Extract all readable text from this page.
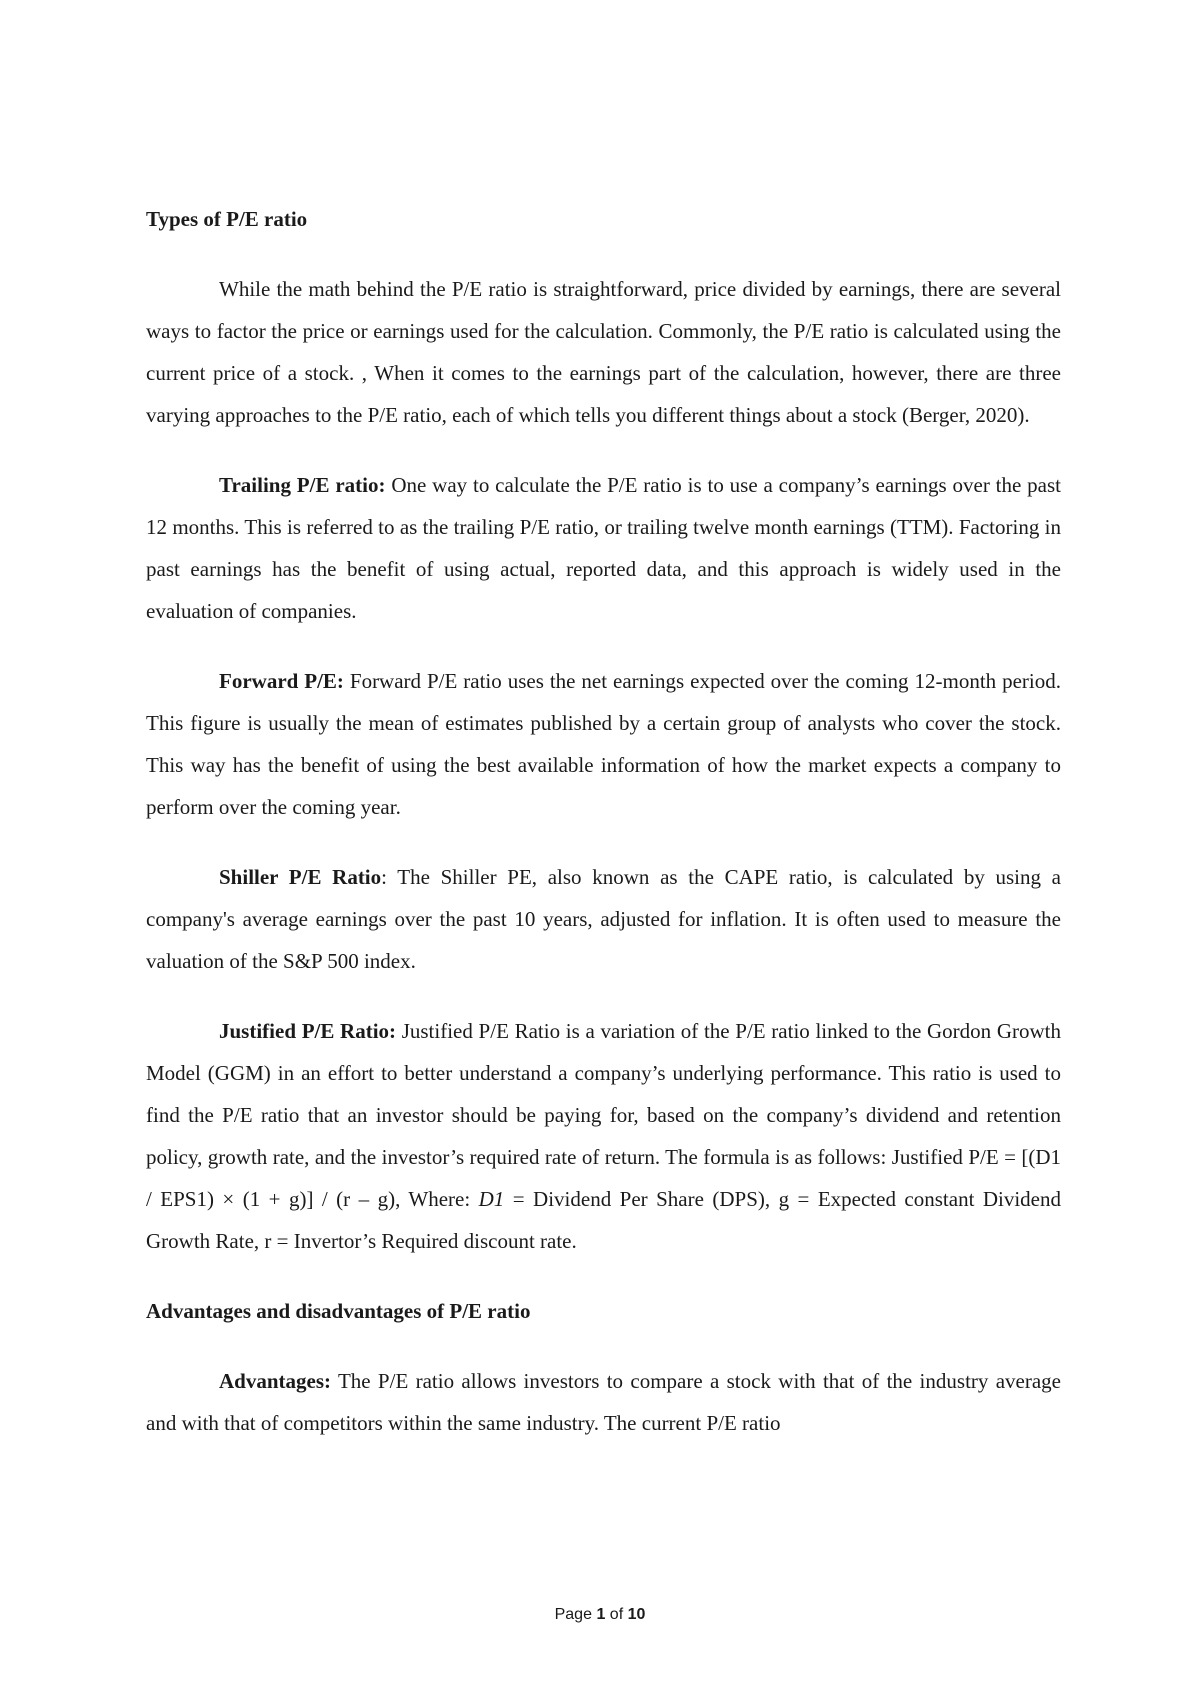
Types of P/E ratio

While the math behind the P/E ratio is straightforward, price divided by earnings, there are several ways to factor the price or earnings used for the calculation. Commonly, the P/E ratio is calculated using the current price of a stock. , When it comes to the earnings part of the calculation, however, there are three varying approaches to the P/E ratio, each of which tells you different things about a stock (Berger, 2020).

Trailing P/E ratio: One way to calculate the P/E ratio is to use a company’s earnings over the past 12 months. This is referred to as the trailing P/E ratio, or trailing twelve month earnings (TTM). Factoring in past earnings has the benefit of using actual, reported data, and this approach is widely used in the evaluation of companies.

Forward P/E: Forward P/E ratio uses the net earnings expected over the coming 12-month period. This figure is usually the mean of estimates published by a certain group of analysts who cover the stock. This way has the benefit of using the best available information of how the market expects a company to perform over the coming year.

Shiller P/E Ratio: The Shiller PE, also known as the CAPE ratio, is calculated by using a company's average earnings over the past 10 years, adjusted for inflation. It is often used to measure the valuation of the S&P 500 index.

Justified P/E Ratio: Justified P/E Ratio is a variation of the P/E ratio linked to the Gordon Growth Model (GGM) in an effort to better understand a company’s underlying performance. This ratio is used to find the P/E ratio that an investor should be paying for, based on the company’s dividend and retention policy, growth rate, and the investor’s required rate of return. The formula is as follows: Justified P/E = [(D1 / EPS1) × (1 + g)] / (r – g), Where: D1 = Dividend Per Share (DPS), g = Expected constant Dividend Growth Rate, r = Invertor’s Required discount rate.

Advantages and disadvantages of P/E ratio

Advantages: The P/E ratio allows investors to compare a stock with that of the industry average and with that of competitors within the same industry. The current P/E ratio

Page 1 of 10
